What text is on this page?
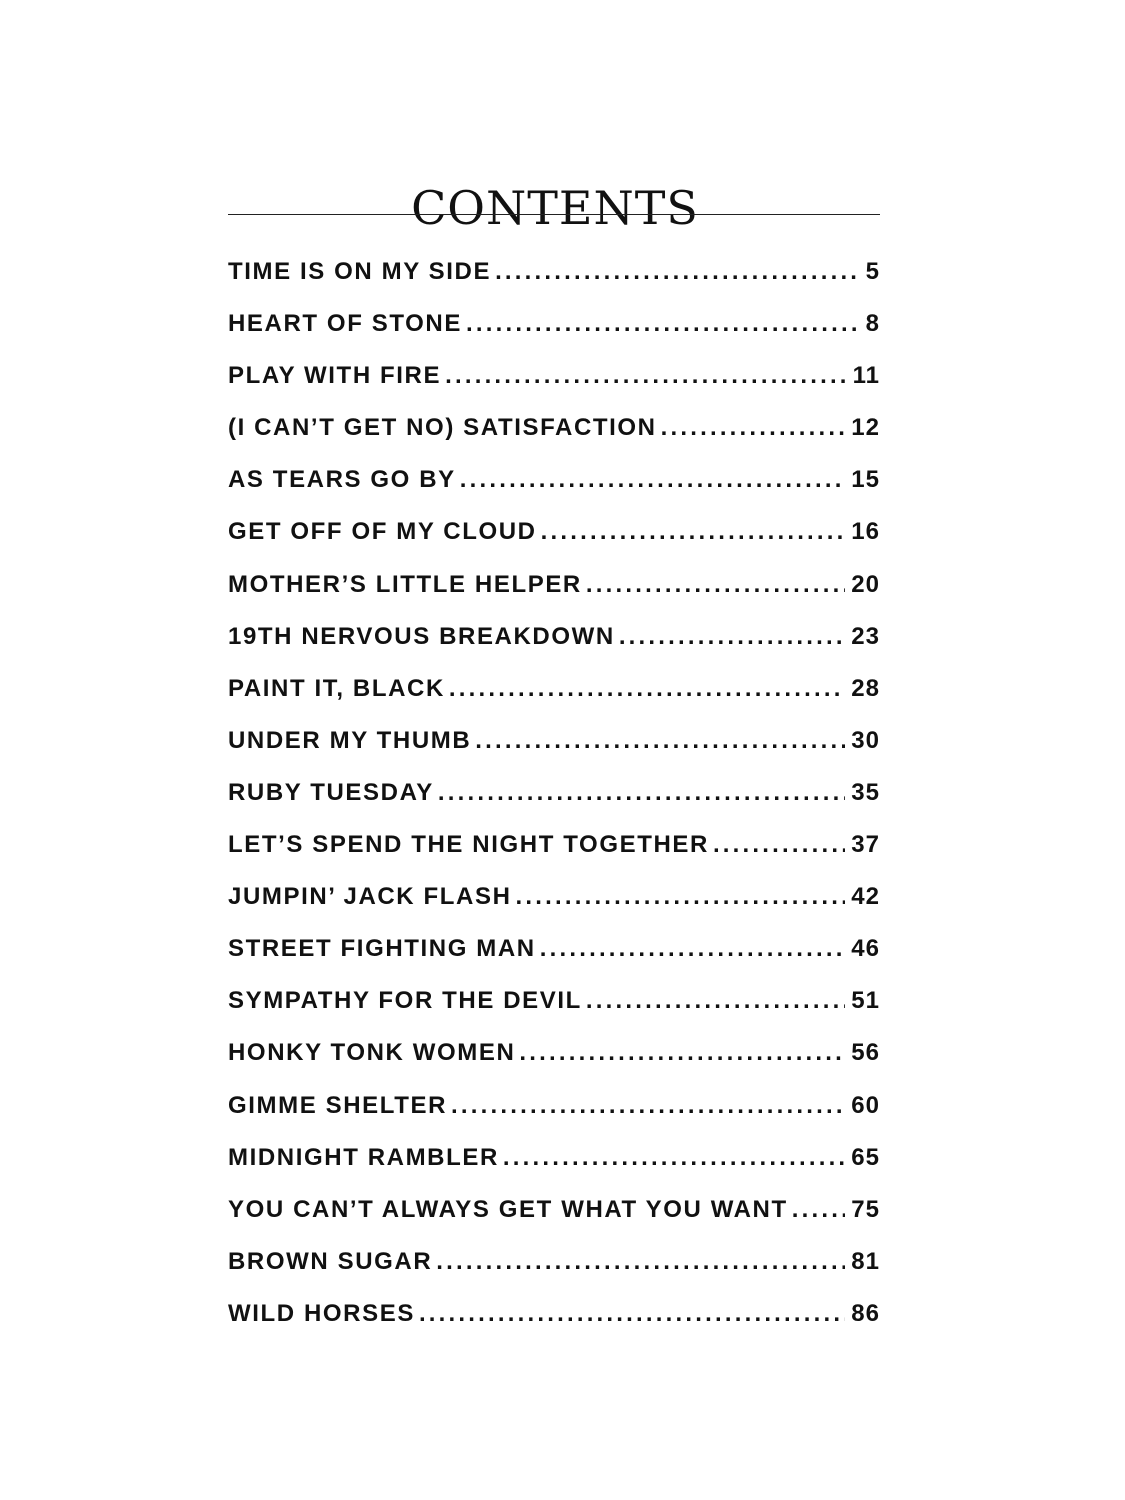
CONTENTS
TIME IS ON MY SIDE .....	5
HEART OF STONE .....	8
PLAY WITH FIRE .....	11
(I CAN’T GET NO) SATISFACTION .....	12
AS TEARS GO BY .....	15
GET OFF OF MY CLOUD .....	16
MOTHER’S LITTLE HELPER .....	20
19TH NERVOUS BREAKDOWN .....	23
PAINT IT, BLACK .....	28
UNDER MY THUMB .....	30
RUBY TUESDAY .....	35
LET’S SPEND THE NIGHT TOGETHER .....	37
JUMPIN’ JACK FLASH .....	42
STREET FIGHTING MAN .....	46
SYMPATHY FOR THE DEVIL .....	51
HONKY TONK WOMEN .....	56
GIMME SHELTER .....	60
MIDNIGHT RAMBLER .....	65
YOU CAN’T ALWAYS GET WHAT YOU WANT .....	75
BROWN SUGAR .....	81
WILD HORSES .....	86
